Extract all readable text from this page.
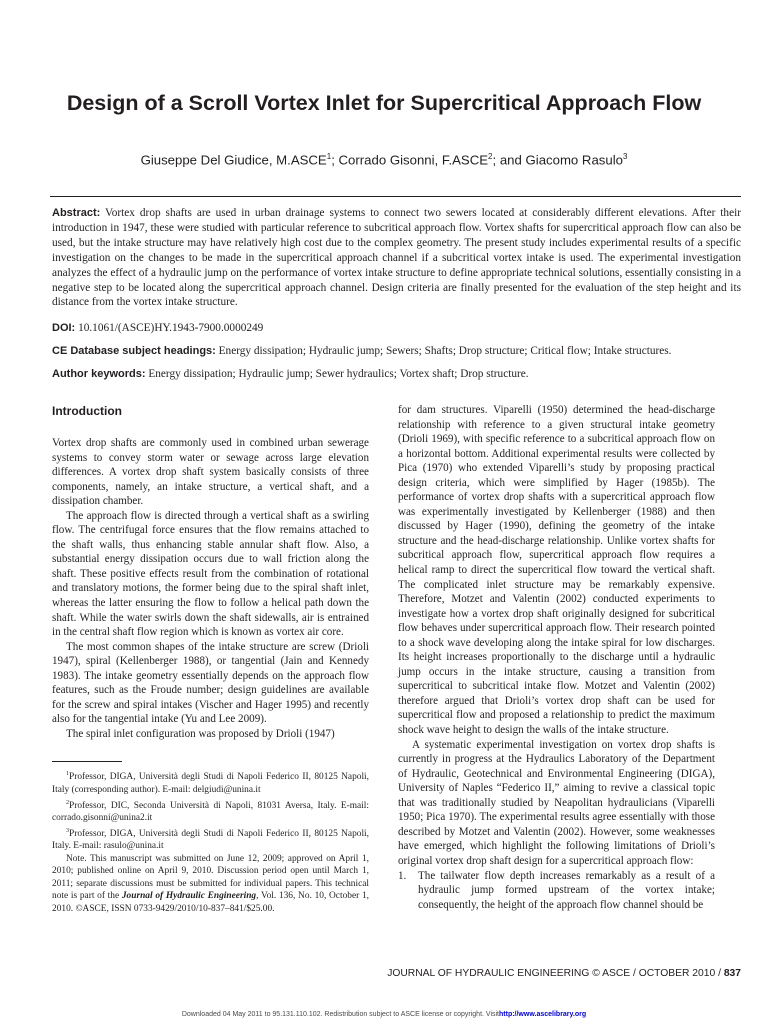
Design of a Scroll Vortex Inlet for Supercritical Approach Flow

Giuseppe Del Giudice, M.ASCE$^1$; Corrado Gisonni, F.ASCE$^2$; and Giacomo Rasulo$^3$

Abstract: Vortex drop shafts are used in urban drainage systems to connect two sewers located at considerably different elevations. After their introduction in 1947, these were studied with particular reference to subcritical approach flow. Vortex shafts for supercritical approach flow can also be used, but the intake structure may have relatively high cost due to the complex geometry. The present study includes experimental results of a specific investigation on the changes to be made in the supercritical approach channel if a subcritical vortex intake is used. The experimental investigation analyzes the effect of a hydraulic jump on the performance of vortex intake structure to define appropriate technical solutions, essentially consisting in a negative step to be located along the supercritical approach channel. Design criteria are finally presented for the evaluation of the step height and its distance from the vortex intake structure.

DOI: 10.1061/(ASCE)HY.1943-7900.0000249

CE Database subject headings: Energy dissipation; Hydraulic jump; Sewers; Shafts; Drop structure; Critical flow; Intake structures.

Author keywords: Energy dissipation; Hydraulic jump; Sewer hydraulics; Vortex shaft; Drop structure.

Introduction

Vortex drop shafts are commonly used in combined urban sewerage systems to convey storm water or sewage across large elevation differences. A vortex drop shaft system basically consists of three components, namely, an intake structure, a vertical shaft, and a dissipation chamber.

The approach flow is directed through a vertical shaft as a swirling flow. The centrifugal force ensures that the flow remains attached to the shaft walls, thus enhancing stable annular shaft flow. Also, a substantial energy dissipation occurs due to wall friction along the shaft. These positive effects result from the combination of rotational and translatory motions, the former being due to the spiral shaft inlet, whereas the latter ensuring the flow to follow a helical path down the shaft. While the water swirls down the shaft sidewalls, air is entrained in the central shaft flow region which is known as vortex air core.

The most common shapes of the intake structure are screw (Drioli 1947), spiral (Kellenberger 1988), or tangential (Jain and Kennedy 1983). The intake geometry essentially depends on the approach flow features, such as the Froude number; design guidelines are available for the screw and spiral intakes (Vischer and Hager 1995) and recently also for the tangential intake (Yu and Lee 2009).

The spiral inlet configuration was proposed by Drioli (1947)

$^1$Professor, DIGA, Università degli Studi di Napoli Federico II, 80125 Napoli, Italy (corresponding author). E-mail: delgiudi@unina.it

$^2$Professor, DIC, Seconda Università di Napoli, 81031 Aversa, Italy. E-mail: corrado.gisonni@unina2.it

$^3$Professor, DIGA, Università degli Studi di Napoli Federico II, 80125 Napoli, Italy. E-mail: rasulo@unina.it

Note. This manuscript was submitted on June 12, 2009; approved on April 1, 2010; published online on April 9, 2010. Discussion period open until March 1, 2011; separate discussions must be submitted for individual papers. This technical note is part of the Journal of Hydraulic Engineering, Vol. 136, No. 10, October 1, 2010. ©ASCE, ISSN 0733-9429/2010/10-837–841/$25.00.

for dam structures. Viparelli (1950) determined the head-discharge relationship with reference to a given structural intake geometry (Drioli 1969), with specific reference to a subcritical approach flow on a horizontal bottom. Additional experimental results were collected by Pica (1970) who extended Viparelli’s study by proposing practical design criteria, which were simplified by Hager (1985b). The performance of vortex drop shafts with a supercritical approach flow was experimentally investigated by Kellenberger (1988) and then discussed by Hager (1990), defining the geometry of the intake structure and the head-discharge relationship. Unlike vortex shafts for subcritical approach flow, supercritical approach flow requires a helical ramp to direct the supercritical flow toward the vertical shaft. The complicated inlet structure may be remarkably expensive. Therefore, Motzet and Valentin (2002) conducted experiments to investigate how a vortex drop shaft originally designed for subcritical flow behaves under supercritical approach flow. Their research pointed to a shock wave developing along the intake spiral for low discharges. Its height increases proportionally to the discharge until a hydraulic jump occurs in the intake structure, causing a transition from supercritical to subcritical intake flow. Motzet and Valentin (2002) therefore argued that Drioli’s vortex drop shaft can be used for supercritical flow and proposed a relationship to predict the maximum shock wave height to design the walls of the intake structure.

A systematic experimental investigation on vortex drop shafts is currently in progress at the Hydraulics Laboratory of the Department of Hydraulic, Geotechnical and Environmental Engineering (DIGA), University of Naples “Federico II,” aiming to revive a classical topic that was traditionally studied by Neapolitan hydraulicians (Viparelli 1950; Pica 1970). The experimental results agree essentially with those described by Motzet and Valentin (2002). However, some weaknesses have emerged, which highlight the following limitations of Drioli’s original vortex drop shaft design for a supercritical approach flow:

1.	The tailwater flow depth increases remarkably as a result of a hydraulic jump formed upstream of the vortex intake; consequently, the height of the approach flow channel should be
JOURNAL OF HYDRAULIC ENGINEERING © ASCE / OCTOBER 2010 / 837
Downloaded 04 May 2011 to 95.131.110.102. Redistribution subject to ASCE license or copyright. Visithttp://www.ascelibrary.org
